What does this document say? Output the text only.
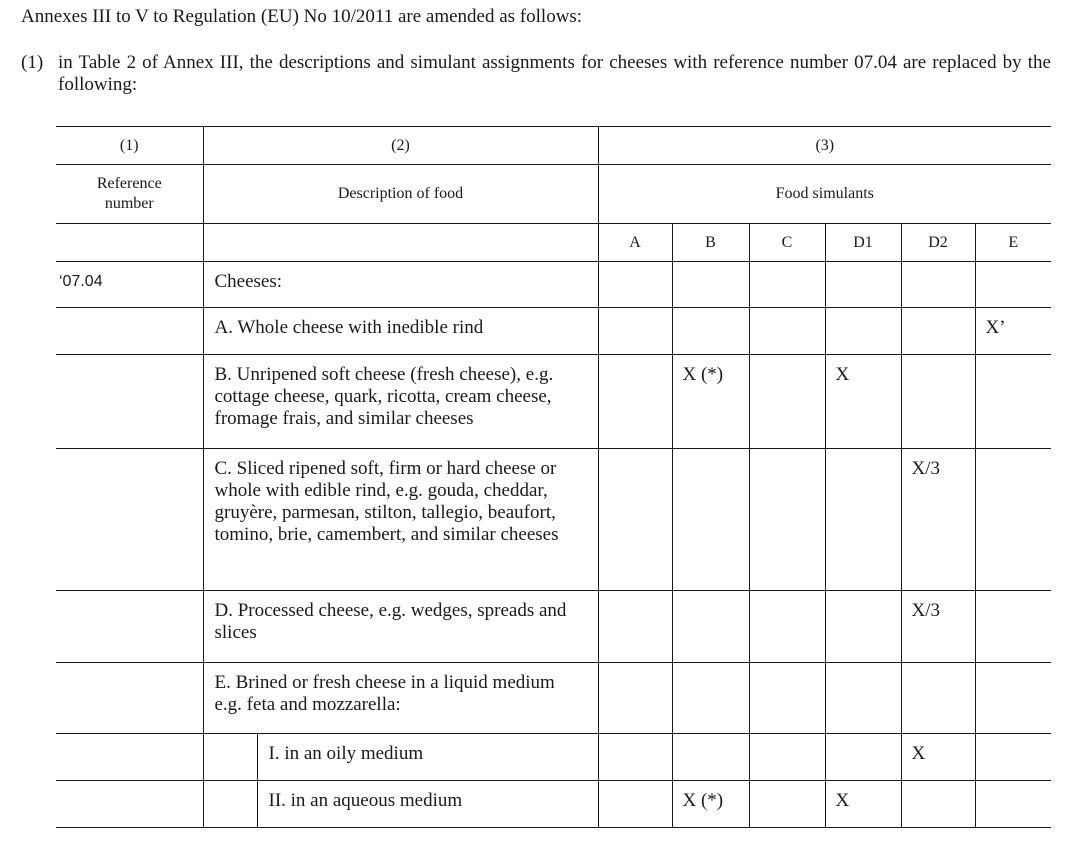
Annexes III to V to Regulation (EU) No 10/2011 are amended as follows:
(1) in Table 2 of Annex III, the descriptions and simulant assignments for cheeses with reference number 07.04 are replaced by the following:
(1)	(2)		(3)					
Reference number	Description of food		Food simulants					
			A	B	C	D1	D2	E
‘07.04	Cheeses:							
	A. Whole cheese with inedible rind							X’
	B. Unripened soft cheese (fresh cheese), e.g. cottage cheese, quark, ricotta, cream cheese, fromage frais, and similar cheeses			X (*)		X		
	C. Sliced ripened soft, firm or hard cheese or whole with edible rind, e.g. gouda, cheddar, gruyère, parmesan, stilton, tallegio, beaufort, tomino, brie, camembert, and similar cheeses						X/3	
	D. Processed cheese, e.g. wedges, spreads and slices						X/3	
	E. Brined or fresh cheese in a liquid medium e.g. feta and mozzarella:							
		I. in an oily medium					X	
		II. in an aqueous medium		X (*)		X		
